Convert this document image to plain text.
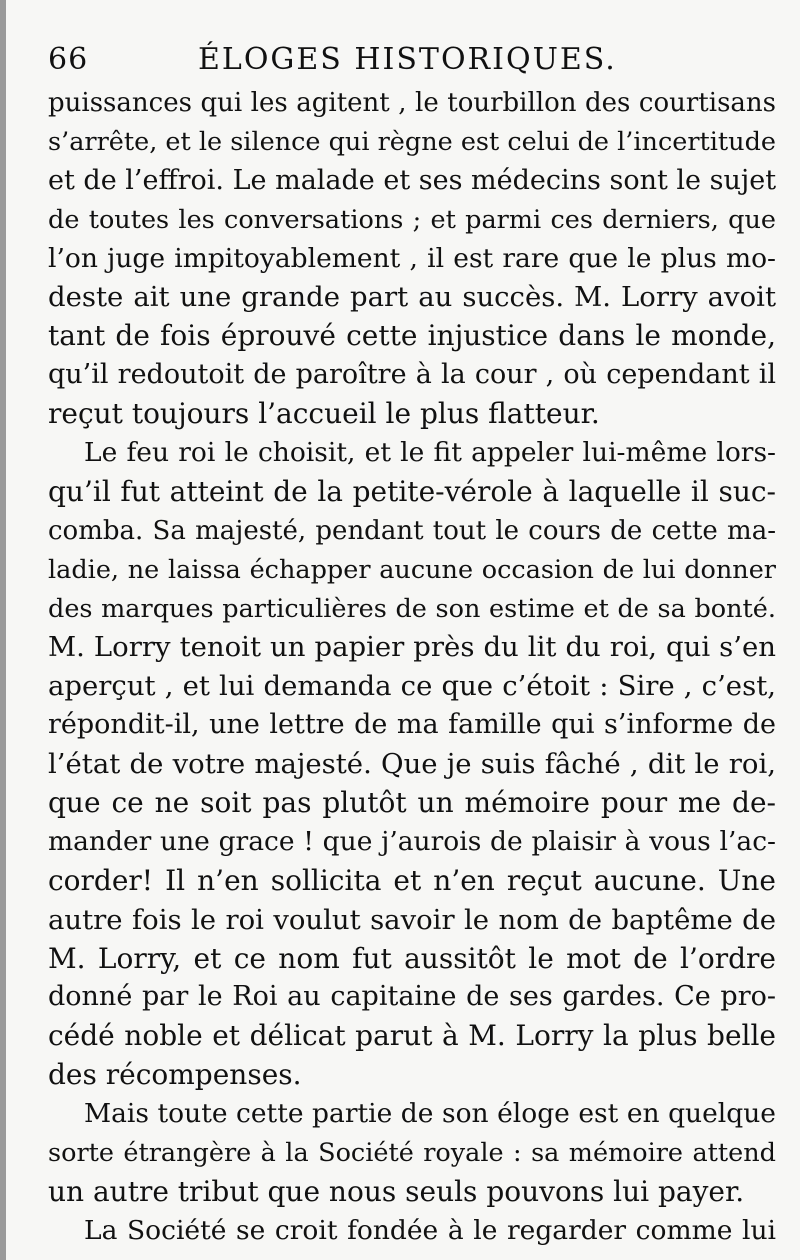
66	ÉLOGES HISTORIQUES.
puissances qui les agitent , le tourbillon des courtisans
s’arrête, et le silence qui règne est celui de l’incertitude
et de l’effroi. Le malade et ses médecins sont le sujet
de toutes les conversations ; et parmi ces derniers, que
l’on juge impitoyablement , il est rare que le plus mo-
deste ait une grande part au succès. M. Lorry avoit
tant de fois éprouvé cette injustice dans le monde,
qu’il redoutoit de paroître à la cour , où cependant il
reçut toujours l’accueil le plus flatteur.
Le feu roi le choisit, et le fit appeler lui-même lors-
qu’il fut atteint de la petite-vérole à laquelle il suc-
comba. Sa majesté, pendant tout le cours de cette ma-
ladie, ne laissa échapper aucune occasion de lui donner
des marques particulières de son estime et de sa bonté.
M. Lorry tenoit un papier près du lit du roi, qui s’en
aperçut , et lui demanda ce que c’étoit : Sire , c’est,
répondit-il, une lettre de ma famille qui s’informe de
l’état de votre majesté. Que je suis fâché , dit le roi,
que ce ne soit pas plutôt un mémoire pour me de-
mander une grace ! que j’aurois de plaisir à vous l’ac-
corder! Il n’en sollicita et n’en reçut aucune. Une
autre fois le roi voulut savoir le nom de baptême de
M. Lorry, et ce nom fut aussitôt le mot de l’ordre
donné par le Roi au capitaine de ses gardes. Ce pro-
cédé noble et délicat parut à M. Lorry la plus belle
des récompenses.
Mais toute cette partie de son éloge est en quelque
sorte étrangère à la Société royale : sa mémoire attend
un autre tribut que nous seuls pouvons lui payer.
La Société se croit fondée à le regarder comme lui
